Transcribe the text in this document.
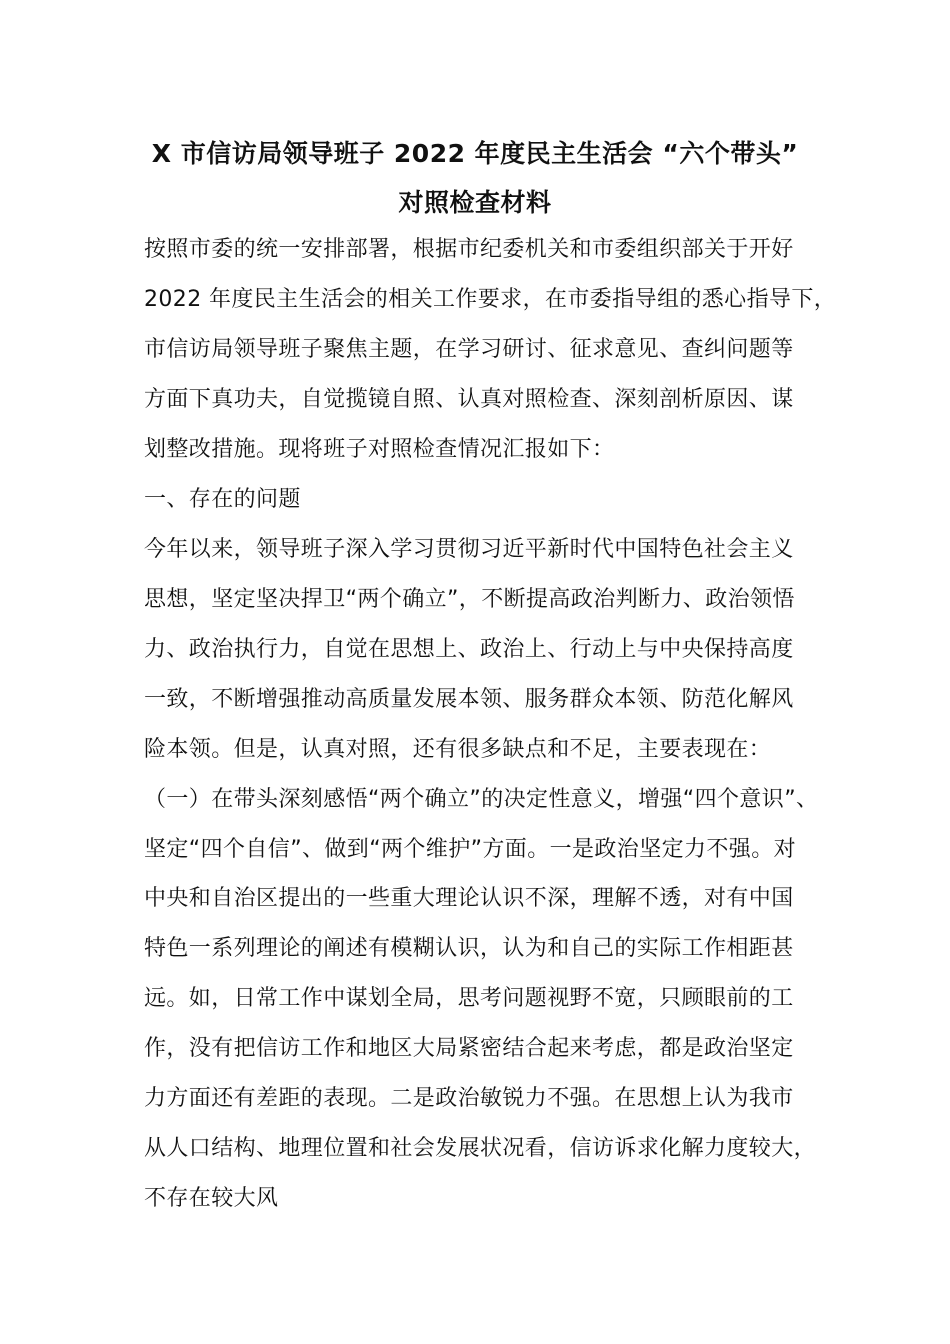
X 市信访局领导班子 2022 年度民主生活会 “六个带头”
对照检查材料
按照市委的统一安排部署，根据市纪委机关和市委组织部关于开好
2022 年度民主生活会的相关工作要求，在市委指导组的悉心指导下，
市信访局领导班子聚焦主题，在学习研讨、征求意见、查纠问题等
方面下真功夫，自觉揽镜自照、认真对照检查、深刻剖析原因、谋
划整改措施。现将班子对照检查情况汇报如下：
一、存在的问题
今年以来，领导班子深入学习贯彻习近平新时代中国特色社会主义
思想，坚定坚决捍卫“两个确立”，不断提高政治判断力、政治领悟
力、政治执行力，自觉在思想上、政治上、行动上与中央保持高度
一致，不断增强推动高质量发展本领、服务群众本领、防范化解风
险本领。但是，认真对照，还有很多缺点和不足，主要表现在：
（一）在带头深刻感悟“两个确立”的决定性意义，增强“四个意识”、
坚定“四个自信”、做到“两个维护”方面。一是政治坚定力不强。对
中央和自治区提出的一些重大理论认识不深，理解不透，对有中国
特色一系列理论的阐述有模糊认识，认为和自己的实际工作相距甚
远。如，日常工作中谋划全局，思考问题视野不宽，只顾眼前的工
作，没有把信访工作和地区大局紧密结合起来考虑，都是政治坚定
力方面还有差距的表现。二是政治敏锐力不强。在思想上认为我市
从人口结构、地理位置和社会发展状况看，信访诉求化解力度较大，
不存在较大风
